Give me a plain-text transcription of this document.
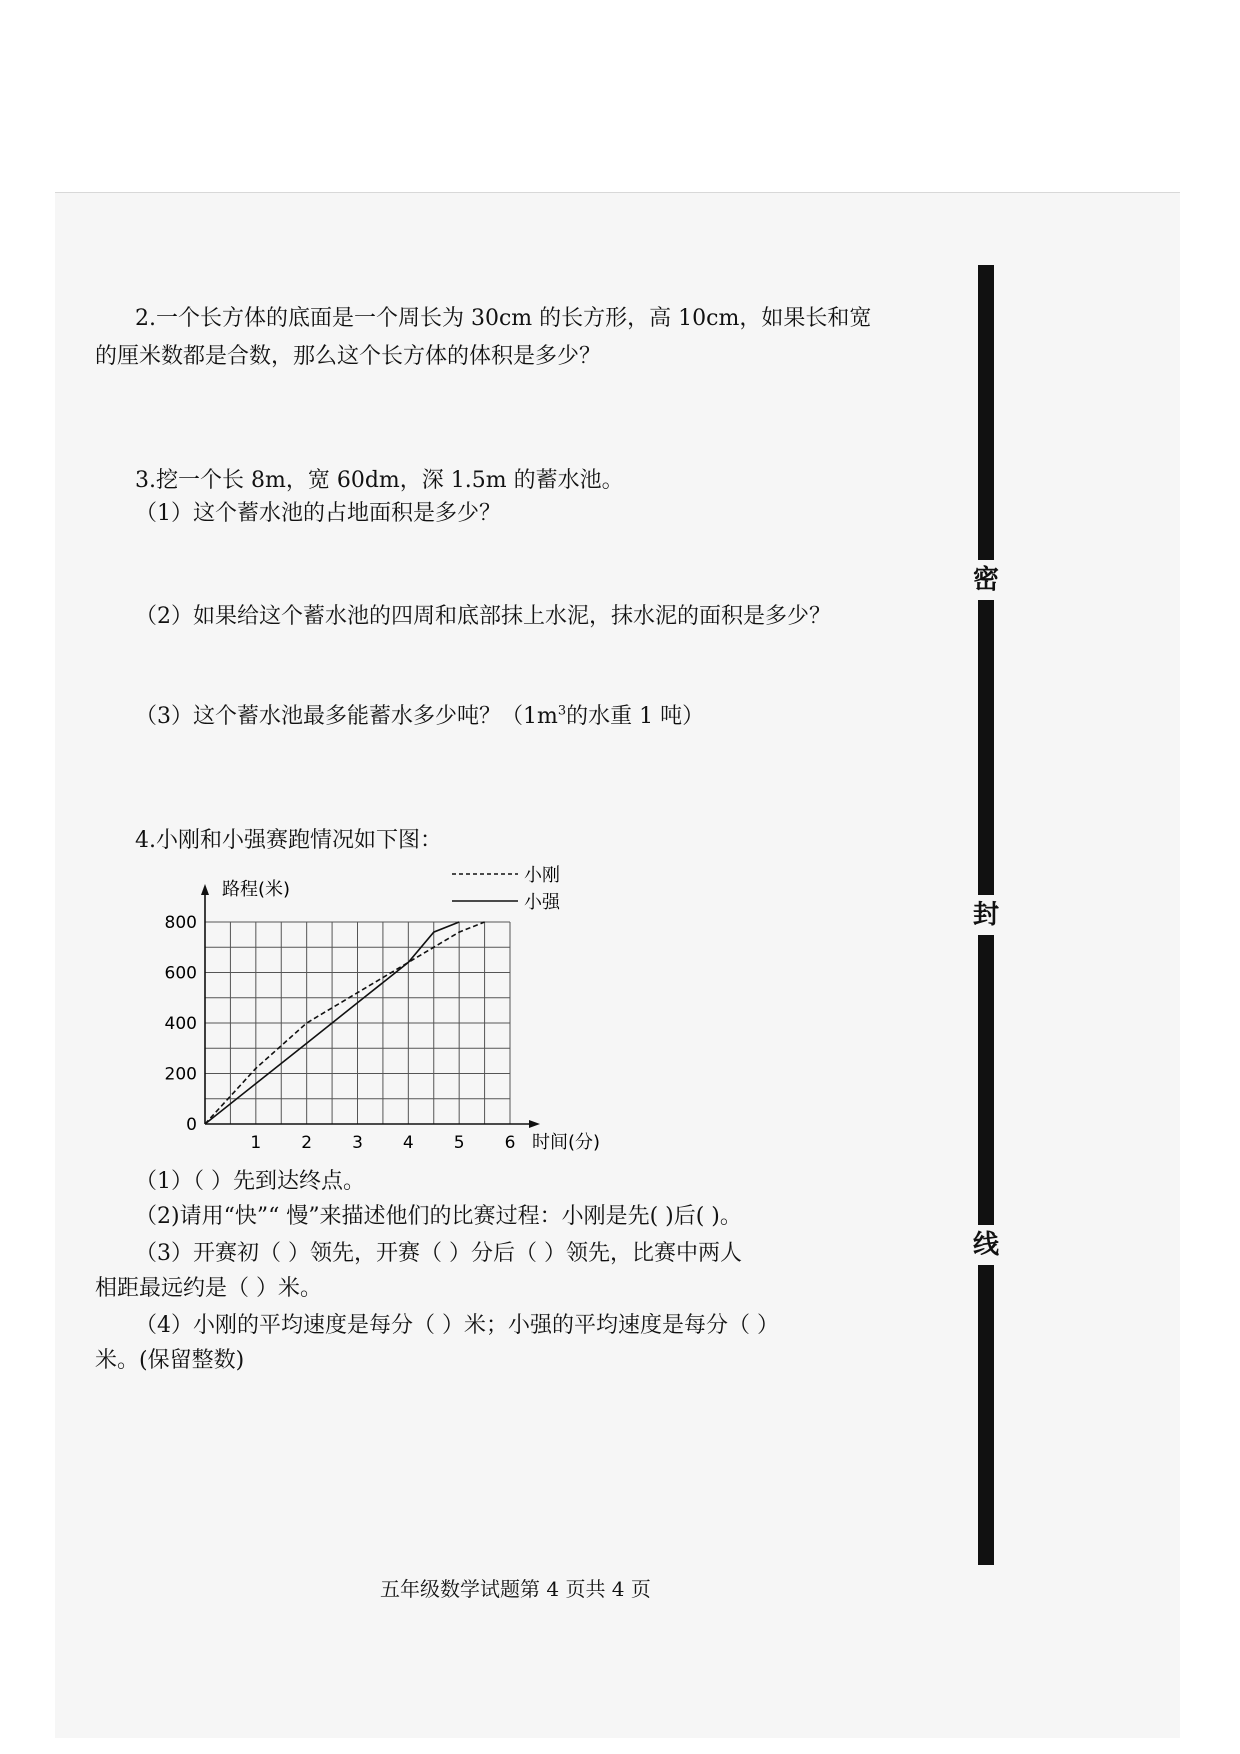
2.一个长方体的底面是一个周长为 30cm 的长方形，高 10cm，如果长和宽

的厘米数都是合数，那么这个长方体的体积是多少？

3.挖一个长 8m，宽 60dm，深 1.5m 的蓄水池。
（1）这个蓄水池的占地面积是多少？
（2）如果给这个蓄水池的四周和底部抹上水泥，抹水泥的面积是多少？
（3）这个蓄水池最多能蓄水多少吨？（$1m^3$的水重 1 吨）
4.小刚和小强赛跑情况如下图：
1 2 3 4 5 6
0
200
400
600
800
小刚
小强
路程(米)
时间(分)
（1）（ ）先到达终点。
（2)请用“快”“ 慢”来描述他们的比赛过程：小刚是先( )后( )。
（3）开赛初（ ）领先，开赛（ ）分后（ ）领先，比赛中两人
相距最远约是（ ）米。
（4）小刚的平均速度是每分（ ）米；小强的平均速度是每分（ ）
米。(保留整数)
密
封
线
五年级数学试题第 4 页共 4 页
